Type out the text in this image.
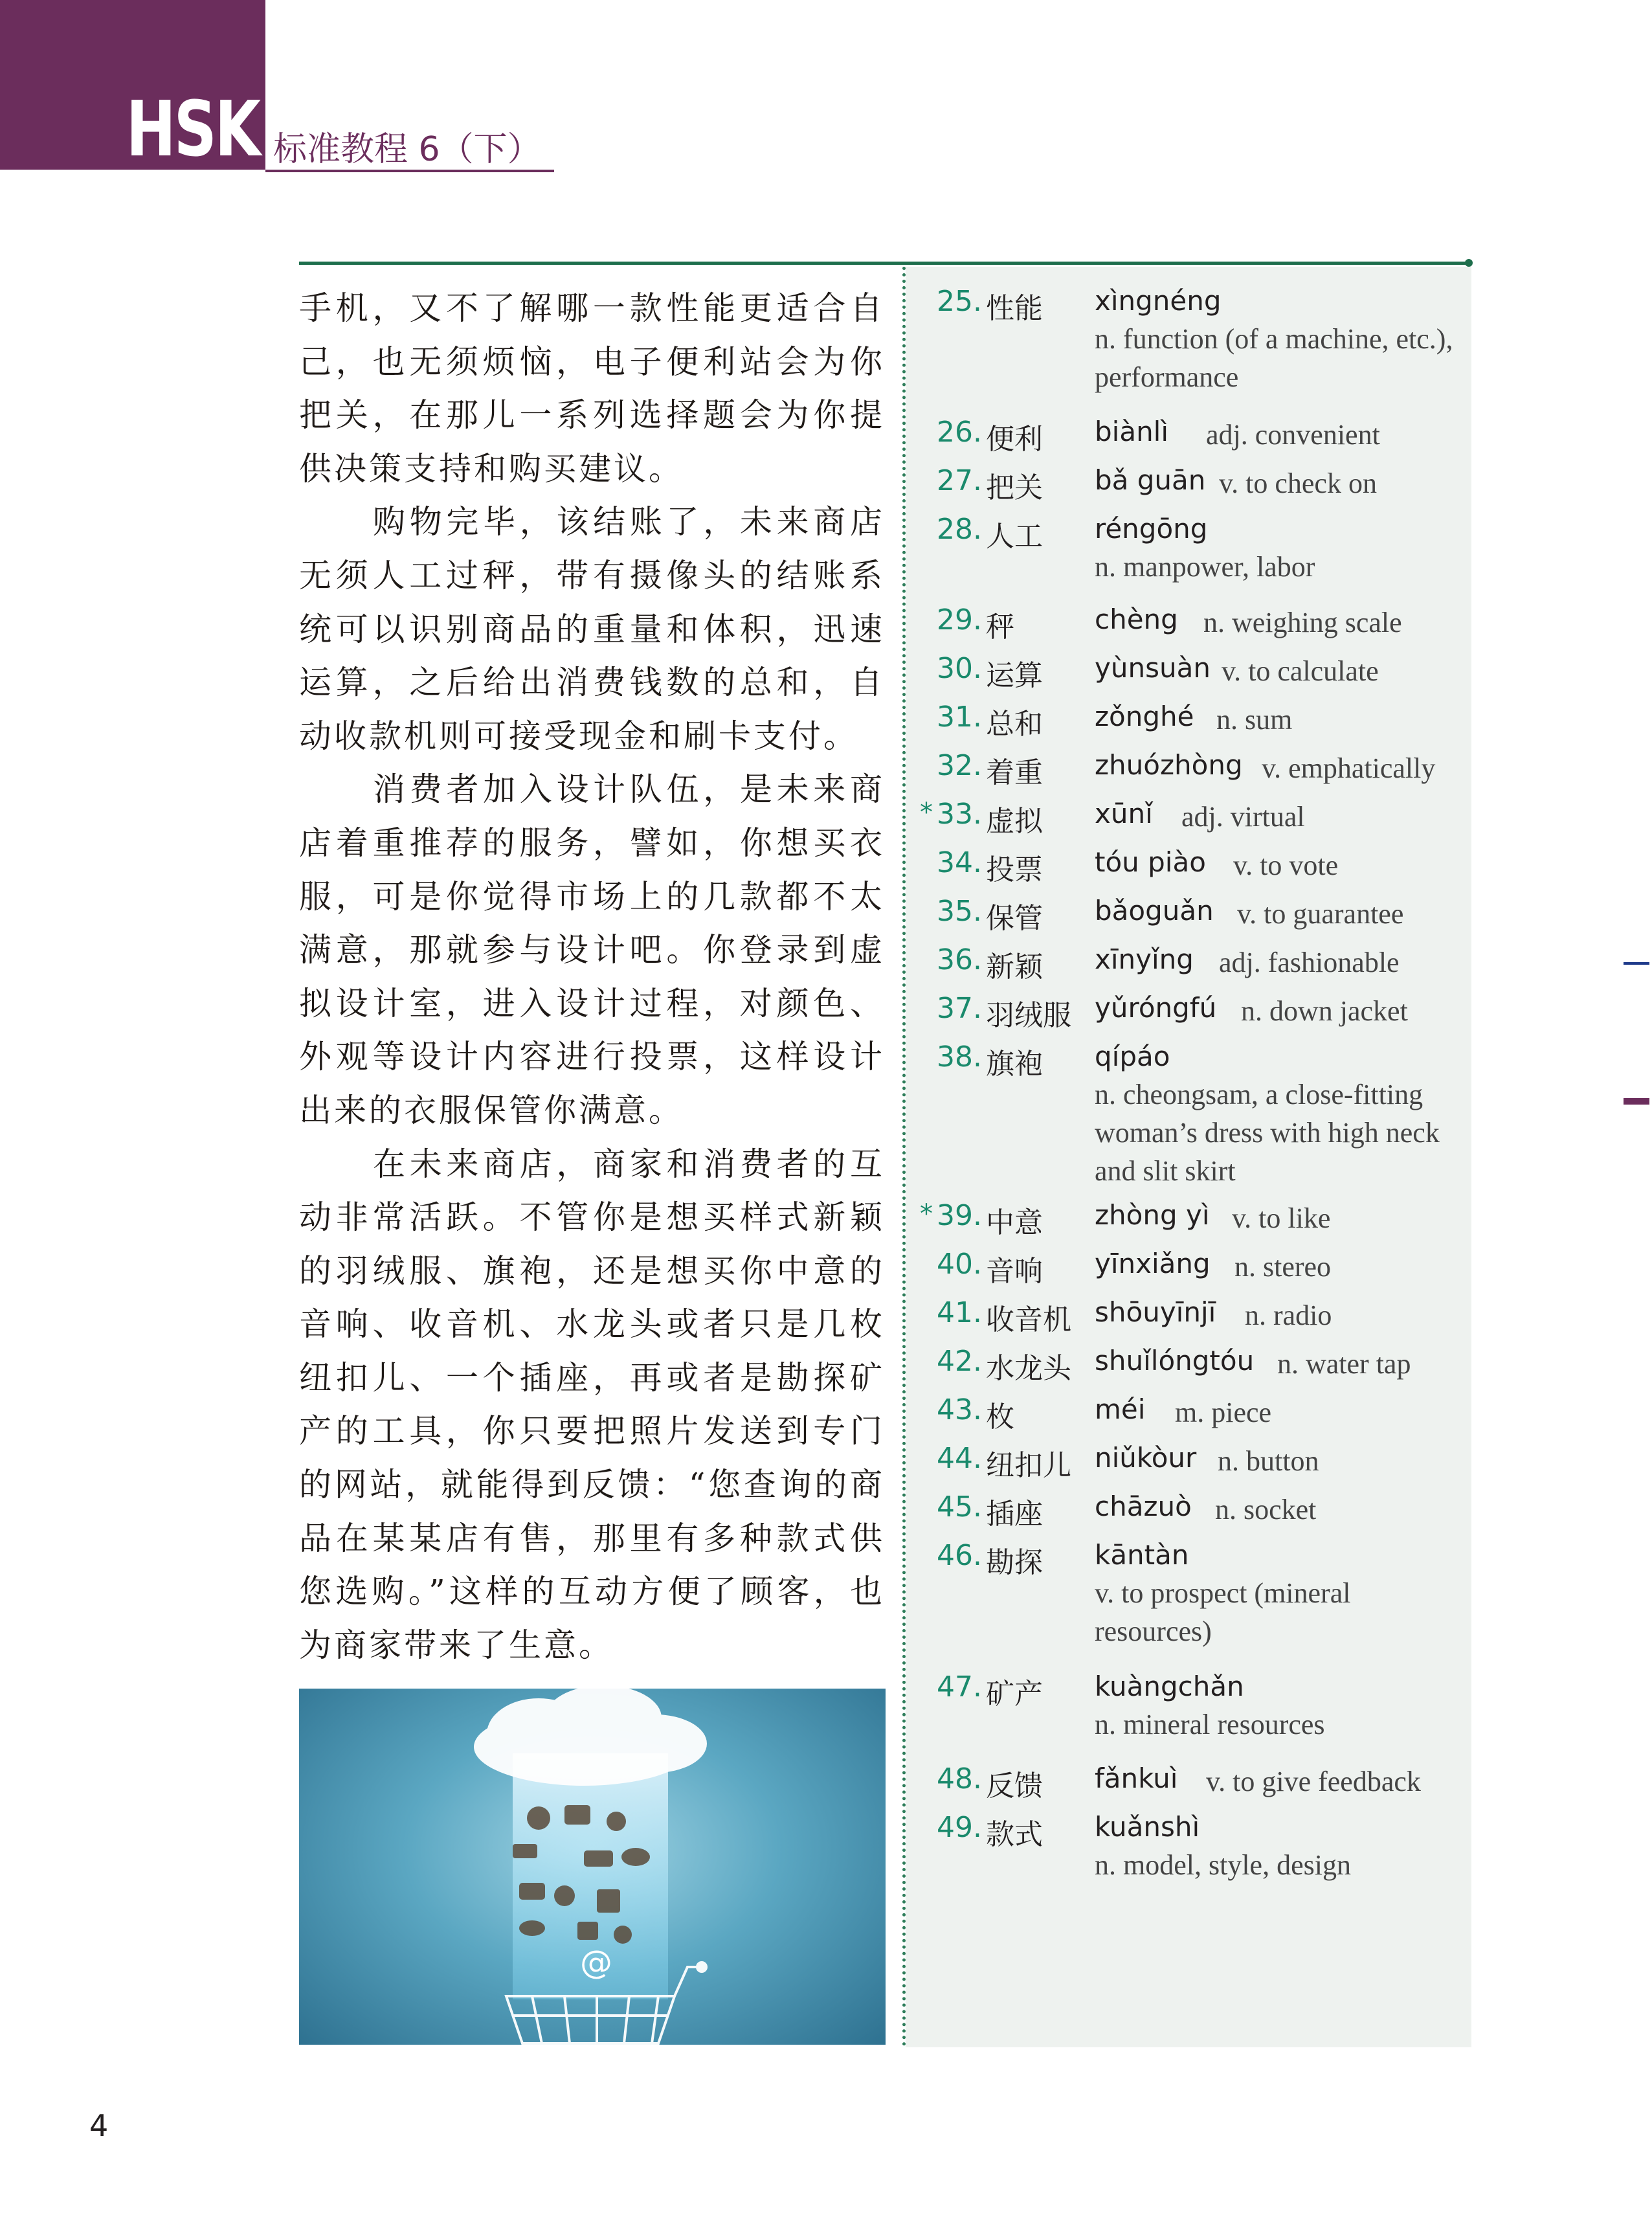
HSK 标准教程 6（下）

手机，又不了解哪一款性能更适合自己，也无须烦恼，电子便利站会为你把关，在那儿一系列选择题会为你提供决策支持和购买建议。

购物完毕，该结账了，未来商店无须人工过秤，带有摄像头的结账系统可以识别商品的重量和体积，迅速运算，之后给出消费钱数的总和，自动收款机则可接受现金和刷卡支付。

消费者加入设计队伍，是未来商店着重推荐的服务，譬如，你想买衣服，可是你觉得市场上的几款都不太满意，那就参与设计吧。你登录到虚拟设计室，进入设计过程，对颜色、外观等设计内容进行投票，这样设计出来的衣服保管你满意。

在未来商店，商家和消费者的互动非常活跃。不管你是想买样式新颖的羽绒服、旗袍，还是想买你中意的音响、收音机、水龙头或者只是几枚纽扣儿、一个插座，再或者是勘探矿产的工具，你只要把照片发送到专门的网站，就能得到反馈：“您查询的商品在某某店有售，那里有多种款式供您选购。”这样的互动方便了顾客，也为商家带来了生意。

@
25. 性能 xìngnéng
n. function (of a machine, etc.), performance
26. 便利 biànlì adj. convenient
27. 把关 bǎ guān v. to check on
28. 人工 réngōng
n. manpower, labor
29. 秤	chèng n. weighing scale
30. 运算 yùnsuàn v. to calculate
31. 总和 zǒnghé n. sum
32. 着重 zhuózhòng v. emphatically
* 33. 虚拟 xūnǐ adj. virtual
34. 投票 tóu piào v. to vote
35. 保管 bǎoguǎn v. to guarantee
36. 新颖 xīnyǐng adj. fashionable
37. 羽绒服 yǔróngfú n. down jacket
38. 旗袍 qípáo
n. cheongsam, a close-fitting woman’s dress with high neck and slit skirt
* 39. 中意 zhòng yì v. to like
40. 音响 yīnxiǎng n. stereo
41. 收音机 shōuyīnjī n. radio
42. 水龙头 shuǐlóngtóu n. water tap
43. 枚	méi m. piece
44. 纽扣儿 niǔkòur n. button
45. 插座 chāzuò n. socket
46. 勘探 kāntàn
v. to prospect (mineral resources)
47. 矿产 kuàngchǎn
n. mineral resources
48. 反馈 fǎnkuì v. to give feedback
49. 款式 kuǎnshì
n. model, style, design
4
